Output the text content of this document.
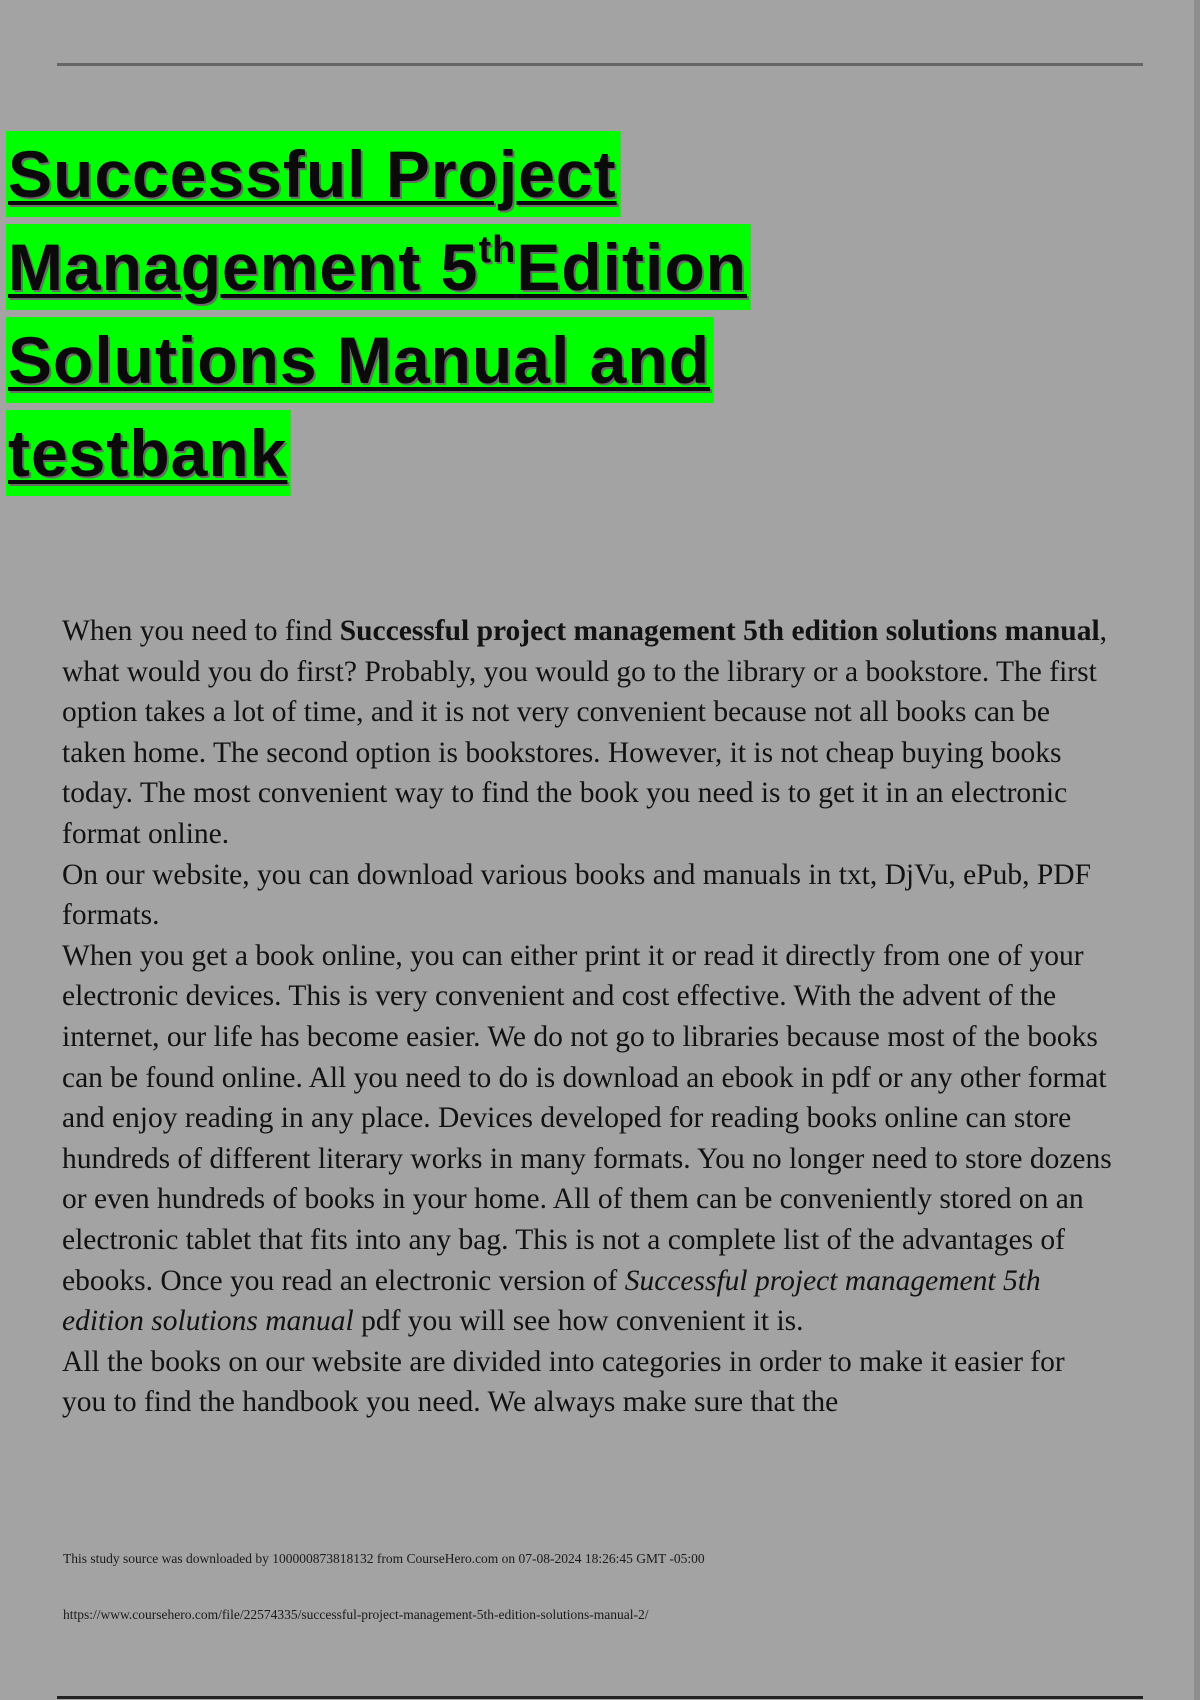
Successful Project
Management 5thEdition
Solutions Manual and
testbank

When you need to find Successful project management 5th edition solutions manual, what would you do first? Probably, you would go to the library or a bookstore. The first option takes a lot of time, and it is not very convenient because not all books can be taken home. The second option is bookstores. However, it is not cheap buying books today. The most convenient way to find the book you need is to get it in an electronic format online.

On our website, you can download various books and manuals in txt, DjVu, ePub, PDF formats.

When you get a book online, you can either print it or read it directly from one of your electronic devices. This is very convenient and cost effective. With the advent of the internet, our life has become easier. We do not go to libraries because most of the books can be found online. All you need to do is download an ebook in pdf or any other format and enjoy reading in any place. Devices developed for reading books online can store hundreds of different literary works in many formats. You no longer need to store dozens or even hundreds of books in your home. All of them can be conveniently stored on an electronic tablet that fits into any bag. This is not a complete list of the advantages of ebooks. Once you read an electronic version of Successful project management 5th edition solutions manual pdf you will see how convenient it is.

All the books on our website are divided into categories in order to make it easier for you to find the handbook you need. We always make sure that the

This study source was downloaded by 100000873818132 from CourseHero.com on 07-08-2024 18:26:45 GMT -05:00

https://www.coursehero.com/file/22574335/successful-project-management-5th-edition-solutions-manual-2/
